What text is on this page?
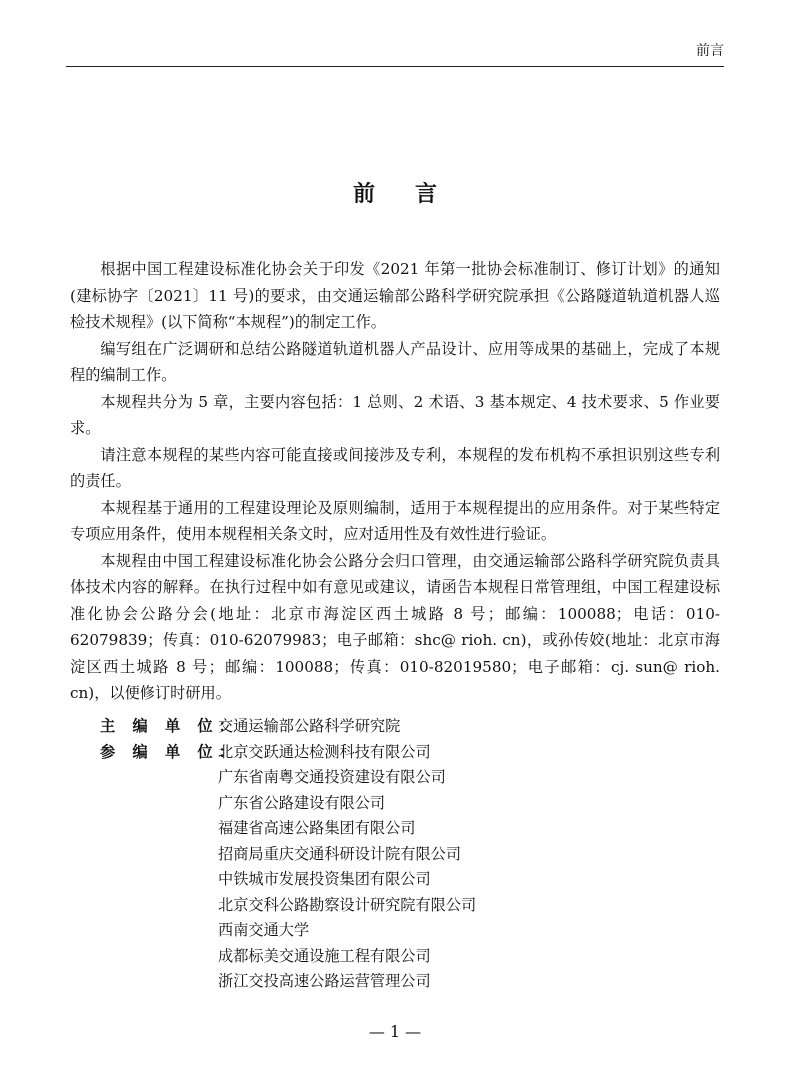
前言
前言

根据中国工程建设标准化协会关于印发《2021 年第一批协会标准制订、修订计划》的通知(建标协字〔2021〕11 号)的要求，由交通运输部公路科学研究院承担《公路隧道轨道机器人巡检技术规程》(以下简称“本规程”)的制定工作。

编写组在广泛调研和总结公路隧道轨道机器人产品设计、应用等成果的基础上，完成了本规程的编制工作。

本规程共分为 5 章，主要内容包括：1 总则、2 术语、3 基本规定、4 技术要求、5 作业要求。

请注意本规程的某些内容可能直接或间接涉及专利，本规程的发布机构不承担识别这些专利的责任。

本规程基于通用的工程建设理论及原则编制，适用于本规程提出的应用条件。对于某些特定专项应用条件，使用本规程相关条文时，应对适用性及有效性进行验证。

本规程由中国工程建设标准化协会公路分会归口管理，由交通运输部公路科学研究院负责具体技术内容的解释。在执行过程中如有意见或建议，请函告本规程日常管理组，中国工程建设标准化协会公路分会(地址：北京市海淀区西土城路 8 号；邮编：100088；电话：010-62079839；传真：010-62079983；电子邮箱：shc@ rioh. cn)，或孙传姣(地址：北京市海淀区西土城路 8 号；邮编：100088；传真：010-82019580；电子邮箱：cj. sun@ rioh. cn)，以便修订时研用。

主 编 单 位：
交通运输部公路科学研究院
参 编 单 位：
北京交跃通达检测科技有限公司
广东省南粤交通投资建设有限公司
广东省公路建设有限公司
福建省高速公路集团有限公司
招商局重庆交通科研设计院有限公司
中铁城市发展投资集团有限公司
北京交科公路勘察设计研究院有限公司
西南交通大学
成都标美交通设施工程有限公司
浙江交投高速公路运营管理公司
— 1 —
